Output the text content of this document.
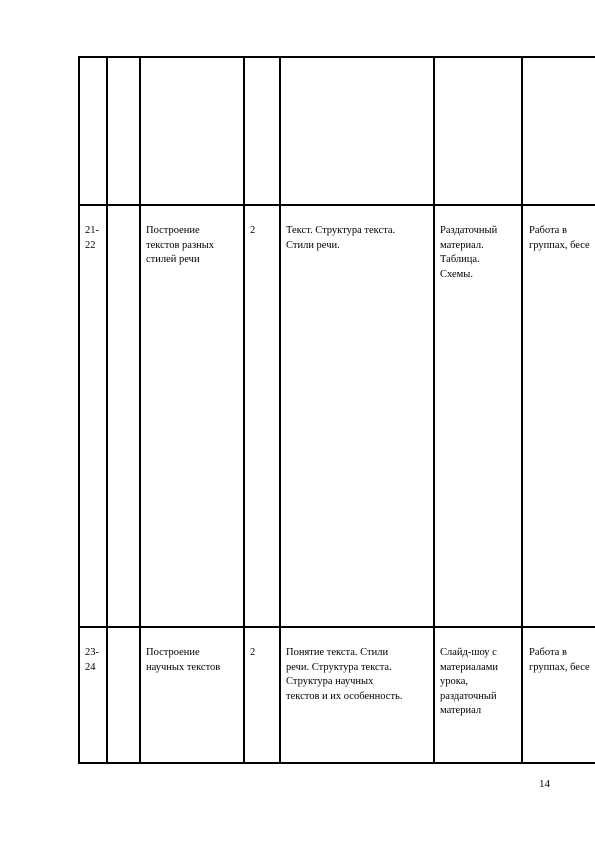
21-
22
Построение
текстов разных
стилей речи
2	Текст. Структура текста.
Стили речи.
Раздаточный
материал.
Таблица.
Схемы.
Работа в
группах, бесе
23-
24
Построение
научных текстов
2	Понятие текста. Стили
речи. Структура текста.
Структура научных
текстов и их особенность.
Слайд-шоу с
материалами
урока,
раздаточный
материал
Работа в
группах, бесе
14
